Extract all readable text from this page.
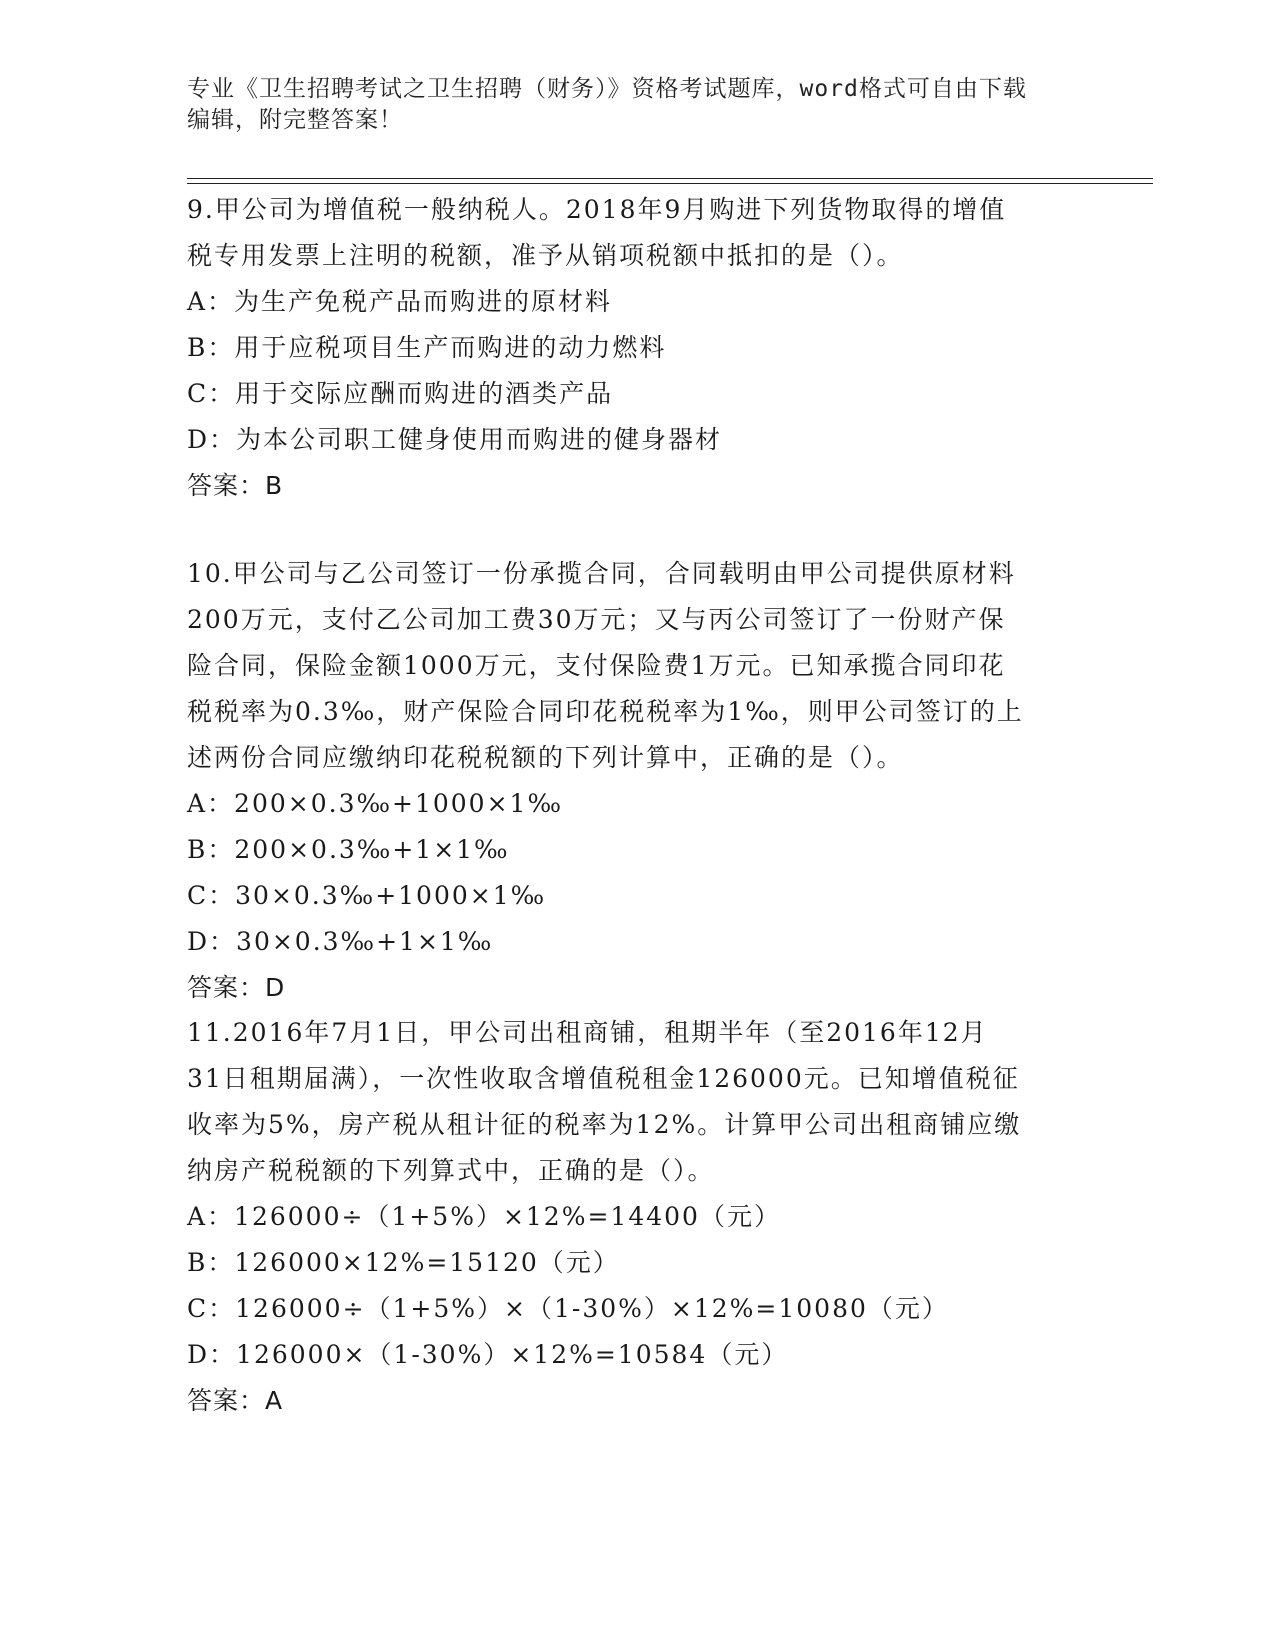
专业《卫生招聘考试之卫生招聘（财务）》资格考试题库，word格式可自由下载
编辑，附完整答案！
9.甲公司为增值税一般纳税人。2018年9月购进下列货物取得的增值
税专用发票上注明的税额，准予从销项税额中抵扣的是（）。
A：为生产免税产品而购进的原材料
B：用于应税项目生产而购进的动力燃料
C：用于交际应酬而购进的酒类产品
D：为本公司职工健身使用而购进的健身器材
答案：B
10.甲公司与乙公司签订一份承揽合同，合同载明由甲公司提供原材料
200万元，支付乙公司加工费30万元；又与丙公司签订了一份财产保
险合同，保险金额1000万元，支付保险费1万元。已知承揽合同印花
税税率为0.3‰，财产保险合同印花税税率为1‰，则甲公司签订的上
述两份合同应缴纳印花税税额的下列计算中，正确的是（）。
A：200×0.3‰+1000×1‰
B：200×0.3‰+1×1‰
C：30×0.3‰+1000×1‰
D：30×0.3‰+1×1‰
答案：D
11.2016年7月1日，甲公司出租商铺，租期半年（至2016年12月
31日租期届满），一次性收取含增值税租金126000元。已知增值税征
收率为5%，房产税从租计征的税率为12%。计算甲公司出租商铺应缴
纳房产税税额的下列算式中，正确的是（）。
A：126000÷（1+5%）×12%=14400（元）
B：126000×12%=15120（元）
C：126000÷（1+5%）×（1-30%）×12%=10080（元）
D：126000×（1-30%）×12%=10584（元）
答案：A
